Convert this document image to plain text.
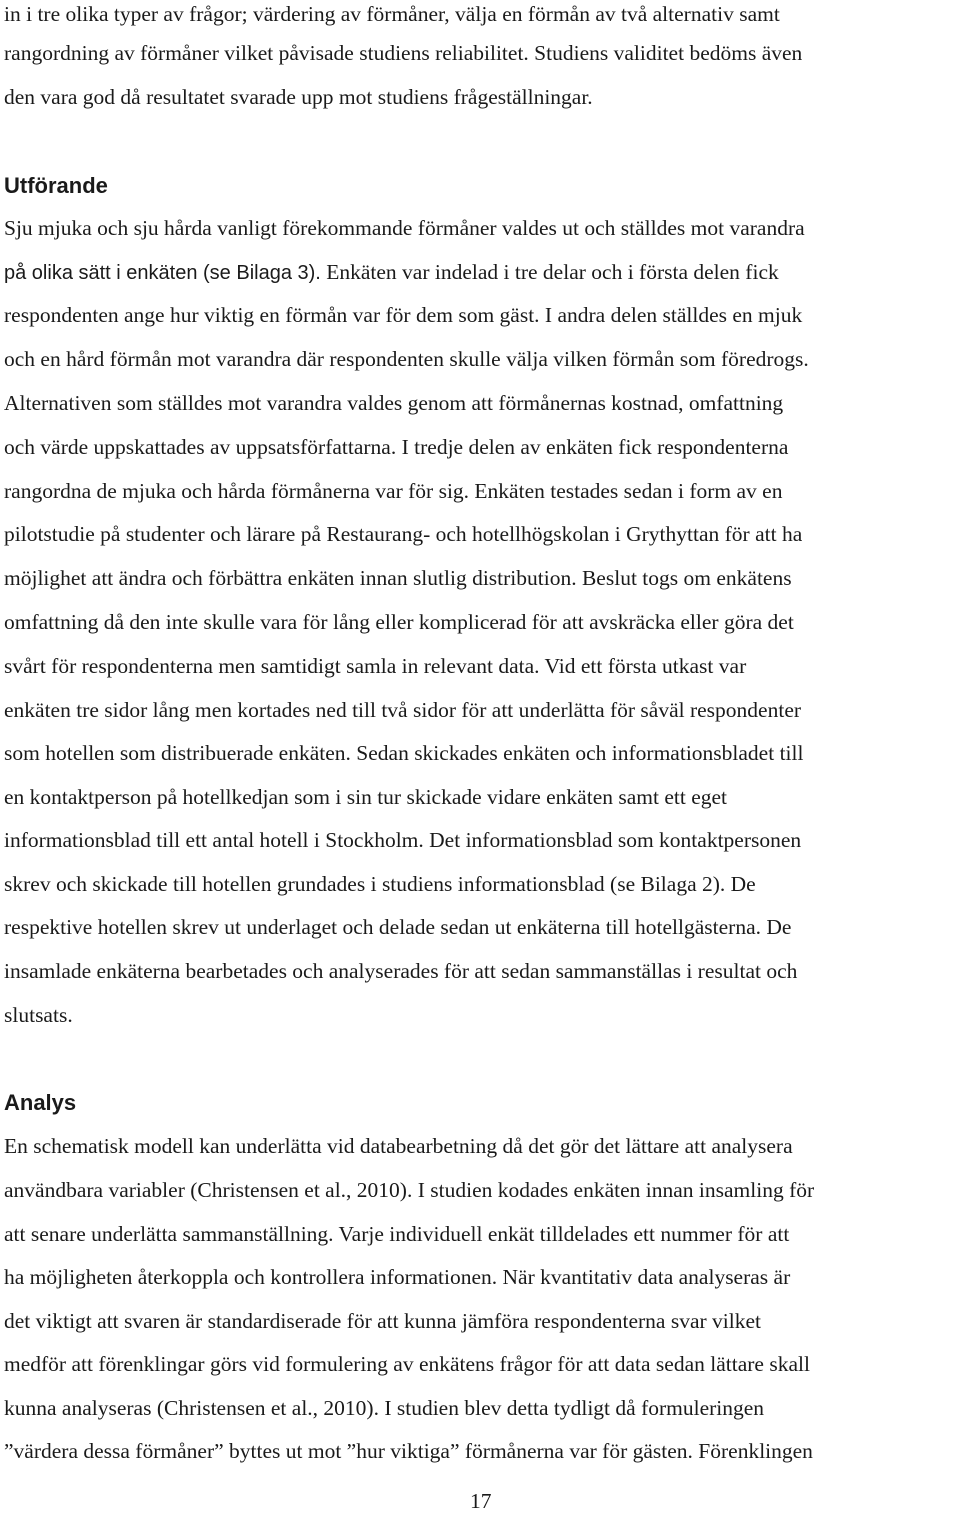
in i tre olika typer av frågor; värdering av förmåner, välja en förmån av två alternativ samt
rangordning av förmåner vilket påvisade studiens reliabilitet. Studiens validitet bedöms även
den vara god då resultatet svarade upp mot studiens frågeställningar.
Utförande
Sju mjuka och sju hårda vanligt förekommande förmåner valdes ut och ställdes mot varandra
på olika sätt i enkäten (se Bilaga 3). Enkäten var indelad i tre delar och i första delen fick
respondenten ange hur viktig en förmån var för dem som gäst. I andra delen ställdes en mjuk
och en hård förmån mot varandra där respondenten skulle välja vilken förmån som föredrogs.
Alternativen som ställdes mot varandra valdes genom att förmånernas kostnad, omfattning
och värde uppskattades av uppsatsförfattarna. I tredje delen av enkäten fick respondenterna
rangordna de mjuka och hårda förmånerna var för sig. Enkäten testades sedan i form av en
pilotstudie på studenter och lärare på Restaurang- och hotellhögskolan i Grythyttan för att ha
möjlighet att ändra och förbättra enkäten innan slutlig distribution. Beslut togs om enkätens
omfattning då den inte skulle vara för lång eller komplicerad för att avskräcka eller göra det
svårt för respondenterna men samtidigt samla in relevant data. Vid ett första utkast var
enkäten tre sidor lång men kortades ned till två sidor för att underlätta för såväl respondenter
som hotellen som distribuerade enkäten. Sedan skickades enkäten och informationsbladet till
en kontaktperson på hotellkedjan som i sin tur skickade vidare enkäten samt ett eget
informationsblad till ett antal hotell i Stockholm. Det informationsblad som kontaktpersonen
skrev och skickade till hotellen grundades i studiens informationsblad (se Bilaga 2). De
respektive hotellen skrev ut underlaget och delade sedan ut enkäterna till hotellgästerna. De
insamlade enkäterna bearbetades och analyserades för att sedan sammanställas i resultat och
slutsats.
Analys
En schematisk modell kan underlätta vid databearbetning då det gör det lättare att analysera
användbara variabler (Christensen et al., 2010). I studien kodades enkäten innan insamling för
att senare underlätta sammanställning. Varje individuell enkät tilldelades ett nummer för att
ha möjligheten återkoppla och kontrollera informationen. När kvantitativ data analyseras är
det viktigt att svaren är standardiserade för att kunna jämföra respondenterna svar vilket
medför att förenklingar görs vid formulering av enkätens frågor för att data sedan lättare skall
kunna analyseras (Christensen et al., 2010). I studien blev detta tydligt då formuleringen
”värdera dessa förmåner” byttes ut mot ”hur viktiga” förmånerna var för gästen. Förenklingen
17
